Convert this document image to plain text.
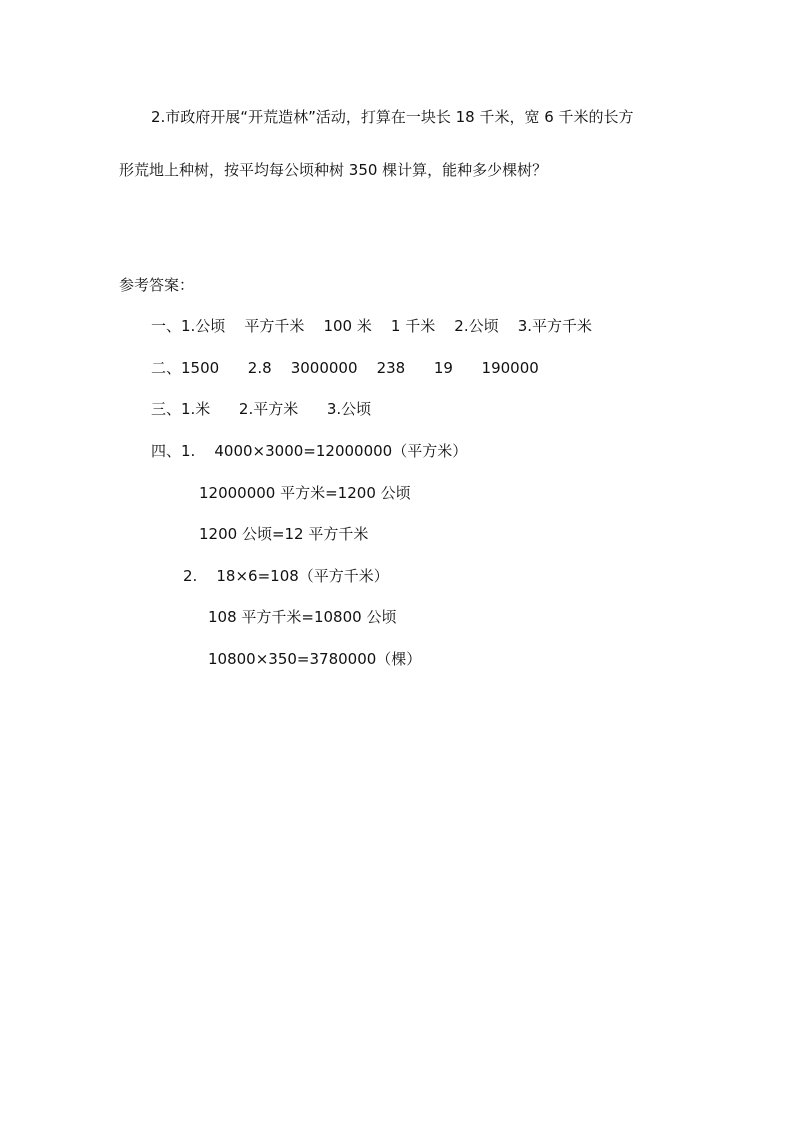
2.市政府开展“开荒造林”活动，打算在一块长 18 千米，宽 6 千米的长方
形荒地上种树，按平均每公顷种树 350 棵计算，能种多少棵树？
参考答案：
一、1.公顷    平方千米    100 米    1 千米    2.公顷    3.平方千米
二、1500      2.8    3000000    238      19      190000
三、1.米      2.平方米      3.公顷
四、1.    4000×3000=12000000（平方米）
12000000 平方米=1200 公顷
1200 公顷=12 平方千米
2.    18×6=108（平方千米）
108 平方千米=10800 公顷
10800×350=3780000（棵）
